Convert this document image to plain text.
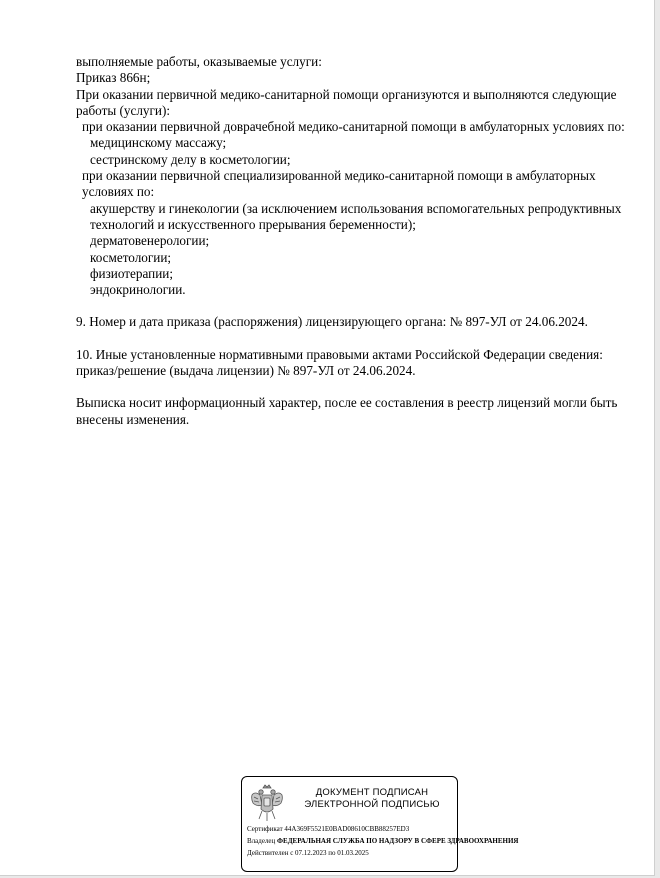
выполняемые работы, оказываемые услуги:

Приказ 866н;

При оказании первичной медико-санитарной помощи организуются и выполняются следующие работы (услуги):

при оказании первичной доврачебной медико-санитарной помощи в амбулаторных условиях по:

медицинскому массажу;

сестринскому делу в косметологии;

при оказании первичной специализированной медико-санитарной помощи в амбулаторных условиях по:

акушерству и гинекологии (за исключением использования вспомогательных репродуктивных технологий и искусственного прерывания беременности);

дерматовенерологии;

косметологии;

физиотерапии;

эндокринологии.

9. Номер и дата приказа (распоряжения) лицензирующего органа: № 897-УЛ от 24.06.2024.

10. Иные установленные нормативными правовыми актами Российской Федерации сведения: приказ/решение (выдача лицензии) № 897-УЛ от 24.06.2024.

Выписка носит информационный характер, после ее составления в реестр лицензий могли быть внесены изменения.

ДОКУМЕНТ ПОДПИСАН
ЭЛЕКТРОННОЙ ПОДПИСЬЮ
Сертификат 44A369F5521E0BAD08610CBB88257ED3
Владелец ФЕДЕРАЛЬНАЯ СЛУЖБА ПО НАДЗОРУ В СФЕРЕ ЗДРАВООХРАНЕНИЯ
Действителен с 07.12.2023 по 01.03.2025
